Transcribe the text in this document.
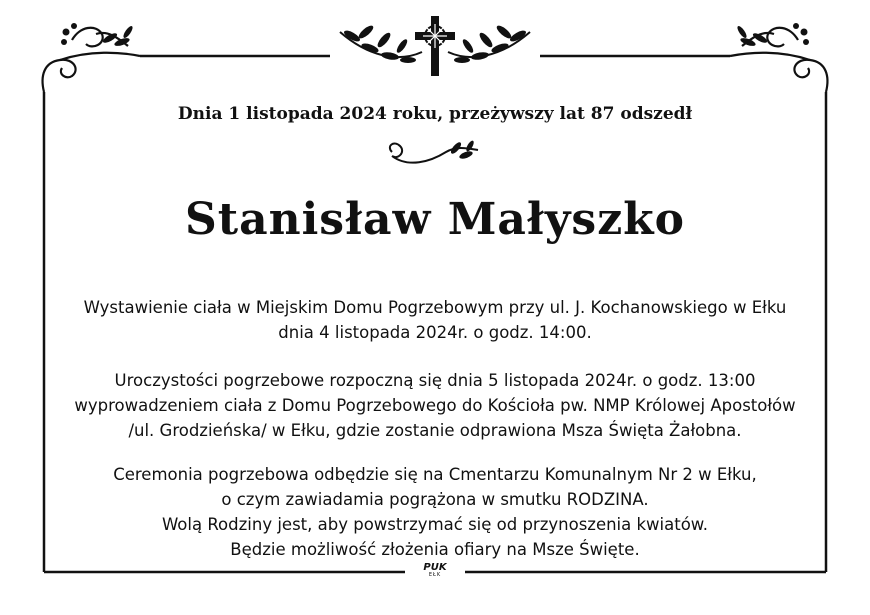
Dnia 1 listopada 2024 roku, przeżywszy lat 87 odszedł
Stanisław Małyszko
Wystawienie ciała w Miejskim Domu Pogrzebowym przy ul. J. Kochanowskiego w Ełku
dnia 4 listopada 2024r. o godz. 14:00.
Uroczystości pogrzebowe rozpoczną się dnia 5 listopada 2024r. o godz. 13:00
wyprowadzeniem ciała z Domu Pogrzebowego do Kościoła pw. NMP Królowej Apostołów
/ul. Grodzieńska/ w Ełku, gdzie zostanie odprawiona Msza Święta Żałobna.
Ceremonia pogrzebowa odbędzie się na Cmentarzu Komunalnym Nr 2 w Ełku,
o czym zawiadamia pogrążona w smutku RODZINA.
Wolą Rodziny jest, aby powstrzymać się od przynoszenia kwiatów.
Będzie możliwość złożenia ofiary na Msze Święte.
PUK
EŁK
